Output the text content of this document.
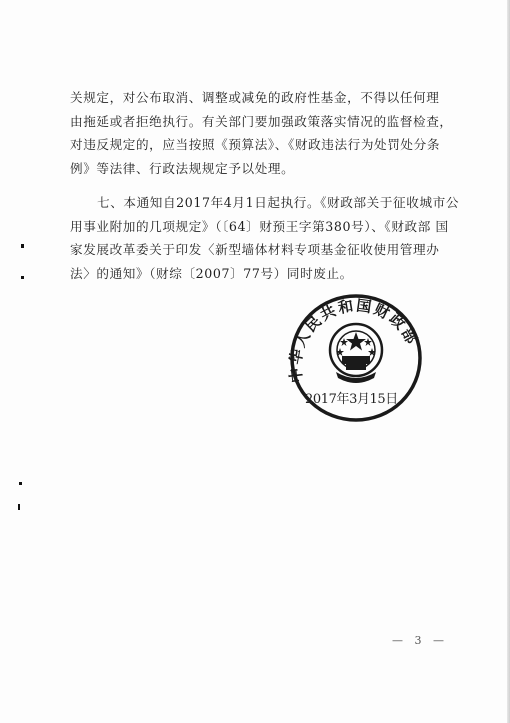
关规定，对公布取消、调整或减免的政府性基金，不得以任何理
由拖延或者拒绝执行。有关部门要加强政策落实情况的监督检查，
对违反规定的，应当按照《预算法》、《财政违法行为处罚处分条
例》等法律、行政法规规定予以处理。
七、本通知自2017年4月1日起执行。《财政部关于征收城市公
用事业附加的几项规定》（〔64〕财预王字第380号）、《财政部 国
家发展改革委关于印发〈新型墙体材料专项基金征收使用管理办
法〉的通知》（财综〔2007〕77号）同时废止。
中华人民共和国财政部
2017年3月15日
— 3 —
